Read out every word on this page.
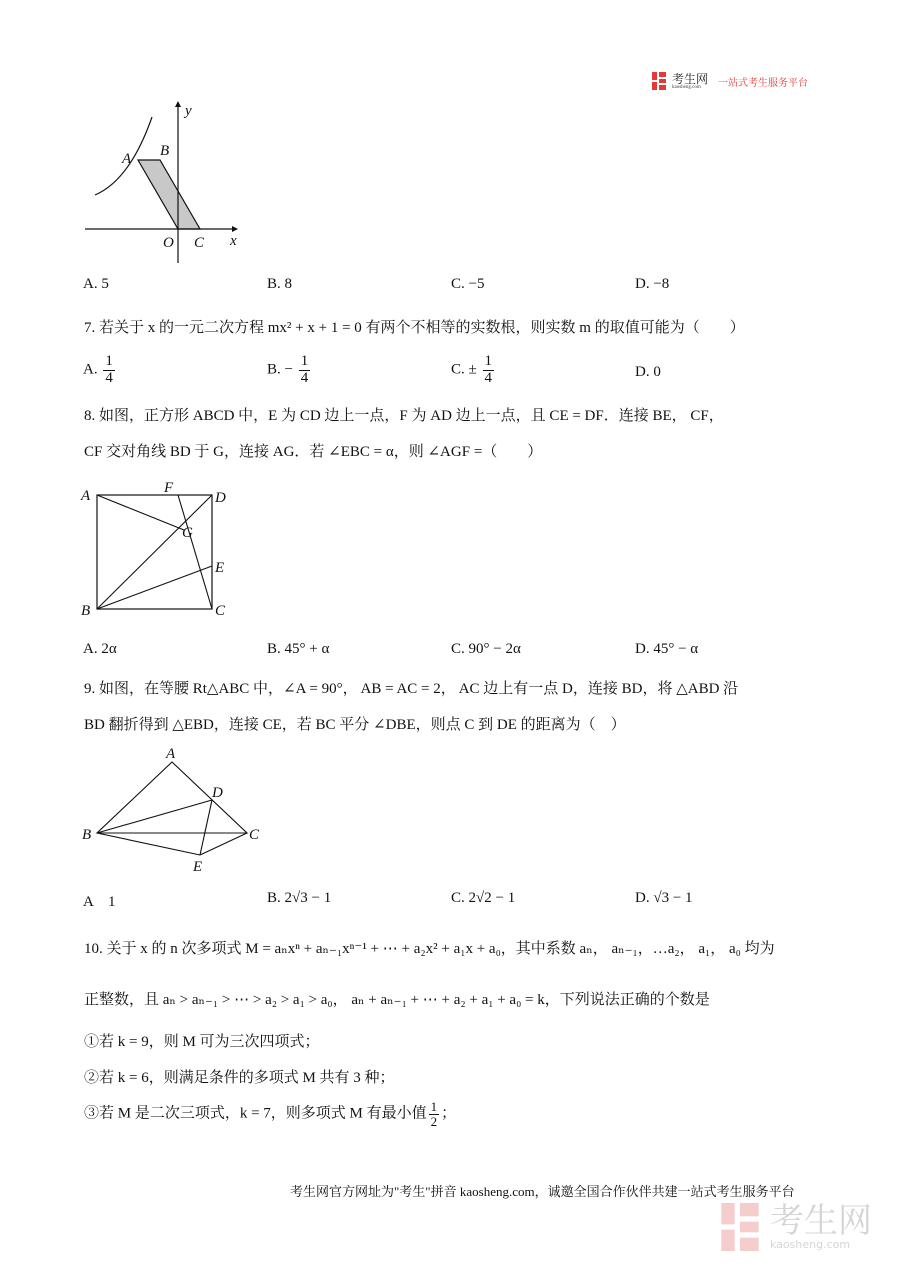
考生网
kaosheng.com	一站式考生服务平台
y
A B
O C x
A. 5	B. 8	C. −5	D. −8
7. 若关于 x 的一元二次方程 mx² + x + 1 = 0 有两个不相等的实数根，则实数 m 的取值可能为（　　）
A. $\frac{1}{4}$	B. − $\frac{1}{4}$	C. ± $\frac{1}{4}$	D. 0
8. 如图，正方形 ABCD 中，E 为 CD 边上一点，F 为 AD 边上一点，且 CE = DF．连接 BE， CF，
CF 交对角线 BD 于 G，连接 AG．若 ∠EBC = α，则 ∠AGF =（　　）
A	F
D
G
E
B	C
A. 2α	B. 45° + α	C. 90° − 2α	D. 45° − α
9. 如图，在等腰 Rt△ABC 中，∠A = 90°， AB = AC = 2， AC 边上有一点 D，连接 BD，将 △ABD 沿
BD 翻折得到 △EBD，连接 CE，若 BC 平分 ∠DBE，则点 C 到 DE 的距离为（　）
A
D
B	C
E
A　1	B. 2√3 − 1	C. 2√2 − 1	D. √3 − 1
10. 关于 x 的 n 次多项式 M = aₙxⁿ + aₙ₋₁xⁿ⁻¹ + ⋯ + a₂x² + a₁x + a₀，其中系数 aₙ， aₙ₋₁，…a₂， a₁， a₀ 均为
正整数，且 aₙ > aₙ₋₁ > ⋯ > a₂ > a₁ > a₀， aₙ + aₙ₋₁ + ⋯ + a₂ + a₁ + a₀ = k，下列说法正确的个数是
①若 k = 9，则 M 可为三次四项式；
②若 k = 6，则满足条件的多项式 M 共有 3 种；
③若 M 是二次三项式，k = 7，则多项式 M 有最小值 $\frac{1}{2}$ ；
考生网官方网址为"考生"拼音 kaosheng.com，诚邀全国合作伙伴共建一站式考生服务平台
考生网
kaosheng.com
